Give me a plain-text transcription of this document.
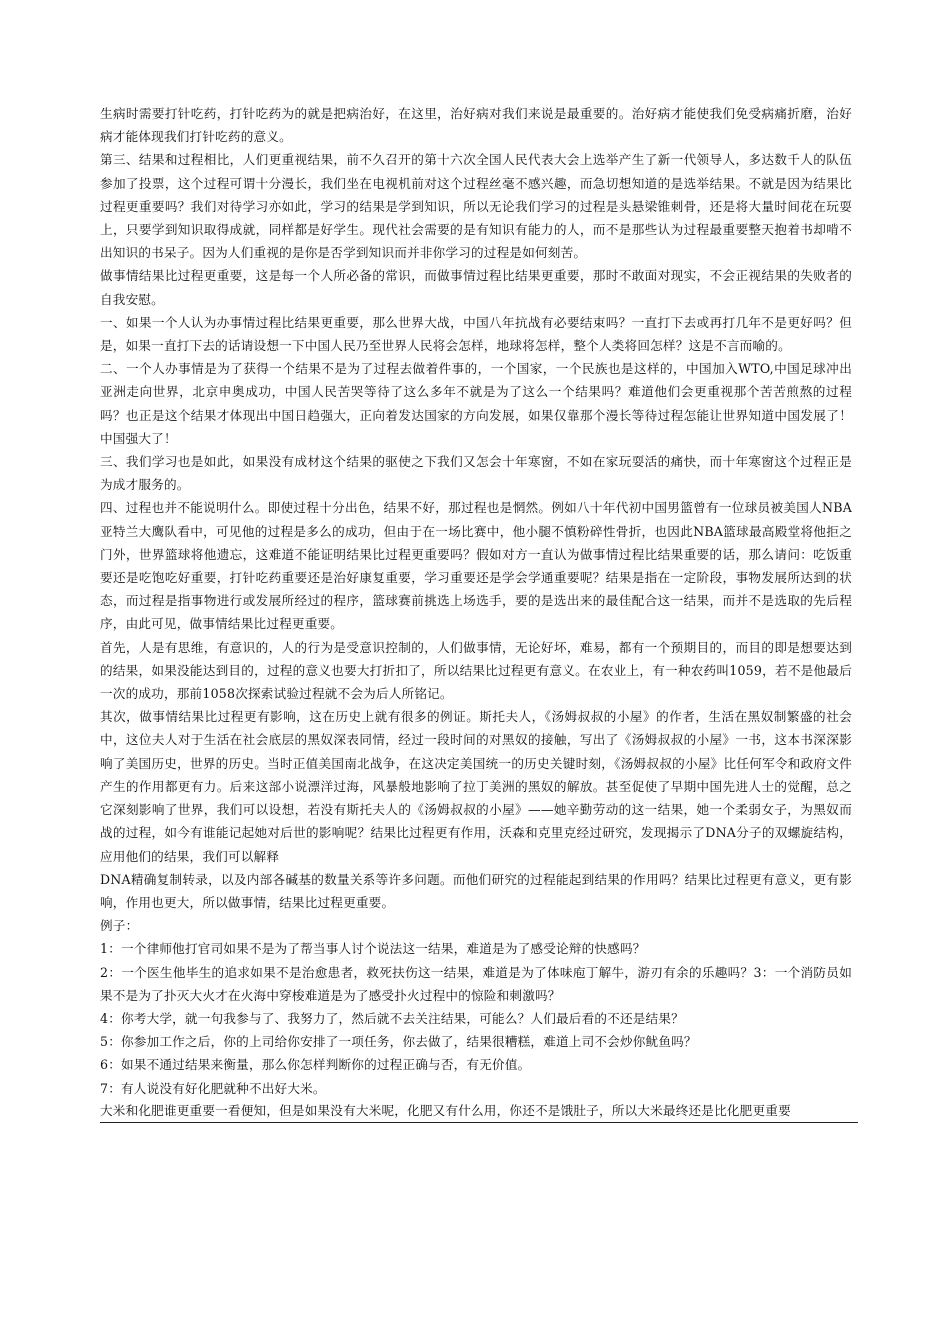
生病时需要打针吃药，打针吃药为的就是把病治好，在这里，治好病对我们来说是最重要的。治好病才能使我们免受病痛折磨，治好病才能体现我们打针吃药的意义。

第三、结果和过程相比，人们更重视结果，前不久召开的第十六次全国人民代表大会上选举产生了新一代领导人，多达数千人的队伍参加了投票，这个过程可谓十分漫长，我们坐在电视机前对这个过程丝毫不感兴趣，而急切想知道的是选举结果。不就是因为结果比过程更重要吗？我们对待学习亦如此，学习的结果是学到知识，所以无论我们学习的过程是头悬梁锥刺骨，还是将大量时间花在玩耍上，只要学到知识取得成就，同样都是好学生。现代社会需要的是有知识有能力的人，而不是那些认为过程最重要整天抱着书却啃不出知识的书呆子。因为人们重视的是你是否学到知识而并非你学习的过程是如何刻苦。

做事情结果比过程更重要，这是每一个人所必备的常识，而做事情过程比结果更重要，那时不敢面对现实，不会正视结果的失败者的自我安慰。

一、如果一个人认为办事情过程比结果更重要，那么世界大战，中国八年抗战有必要结束吗？一直打下去或再打几年不是更好吗？但是，如果一直打下去的话请设想一下中国人民乃至世界人民将会怎样，地球将怎样，整个人类将回怎样？这是不言而喻的。

二、一个人办事情是为了获得一个结果不是为了过程去做着件事的，一个国家，一个民族也是这样的，中国加入WTO,中国足球冲出亚洲走向世界，北京申奥成功，中国人民苦哭等待了这么多年不就是为了这么一个结果吗？难道他们会更重视那个苦苦煎熬的过程吗？也正是这个结果才体现出中国日趋强大，正向着发达国家的方向发展，如果仅靠那个漫长等待过程怎能让世界知道中国发展了！中国强大了！

三、我们学习也是如此，如果没有成材这个结果的驱使之下我们又怎会十年寒窗，不如在家玩耍活的痛快，而十年寒窗这个过程正是为成才服务的。

四、过程也并不能说明什么。即使过程十分出色，结果不好，那过程也是惘然。例如八十年代初中国男篮曾有一位球员被美国人NBA亚特兰大鹰队看中，可见他的过程是多么的成功，但由于在一场比赛中，他小腿不慎粉碎性骨折，也因此NBA篮球最高殿堂将他拒之门外，世界篮球将他遗忘，这难道不能证明结果比过程更重要吗？假如对方一直认为做事情过程比结果重要的话，那么请问：吃饭重要还是吃饱吃好重要，打针吃药重要还是治好康复重要，学习重要还是学会学通重要呢？结果是指在一定阶段，事物发展所达到的状态，而过程是指事物进行或发展所经过的程序，篮球赛前挑选上场选手，要的是选出来的最佳配合这一结果，而并不是选取的先后程序，由此可见，做事情结果比过程更重要。

首先，人是有思维，有意识的，人的行为是受意识控制的，人们做事情，无论好坏，难易，都有一个预期目的，而目的即是想要达到的结果，如果没能达到目的，过程的意义也要大打折扣了，所以结果比过程更有意义。在农业上，有一种农药叫1059，若不是他最后一次的成功，那前1058次探索试验过程就不会为后人所铭记。

其次，做事情结果比过程更有影响，这在历史上就有很多的例证。斯托夫人，《汤姆叔叔的小屋》的作者，生活在黑奴制繁盛的社会中，这位夫人对于生活在社会底层的黑奴深表同情，经过一段时间的对黑奴的接触，写出了《汤姆叔叔的小屋》一书，这本书深深影响了美国历史，世界的历史。当时正值美国南北战争，在这决定美国统一的历史关键时刻，《汤姆叔叔的小屋》比任何军令和政府文件产生的作用都更有力。后来这部小说漂洋过海，风暴般地影响了拉丁美洲的黑奴的解放。甚至促使了早期中国先进人士的觉醒，总之它深刻影响了世界，我们可以设想，若没有斯托夫人的《汤姆叔叔的小屋》——她辛勤劳动的这一结果，她一个柔弱女子，为黑奴而战的过程，如今有谁能记起她对后世的影响呢？结果比过程更有作用，沃森和克里克经过研究，发现揭示了DNA分子的双螺旋结构，应用他们的结果，我们可以解释

DNA精确复制转录，以及内部各碱基的数量关系等许多问题。而他们研究的过程能起到结果的作用吗？结果比过程更有意义，更有影响，作用也更大，所以做事情，结果比过程更重要。

例子：

1：一个律师他打官司如果不是为了帮当事人讨个说法这一结果，难道是为了感受论辩的快感吗？

2：一个医生他毕生的追求如果不是治愈患者，救死扶伤这一结果，难道是为了体味庖丁解牛，游刃有余的乐趣吗？3：一个消防员如果不是为了扑灭大火才在火海中穿梭难道是为了感受扑火过程中的惊险和刺激吗？

4：你考大学，就一句我参与了、我努力了，然后就不去关注结果，可能么？人们最后看的不还是结果？

5：你参加工作之后，你的上司给你安排了一项任务，你去做了，结果很糟糕，难道上司不会炒你鱿鱼吗？

6：如果不通过结果来衡量，那么你怎样判断你的过程正确与否，有无价值。

7：有人说没有好化肥就种不出好大米。

大米和化肥谁更重要一看便知，但是如果没有大米呢，化肥又有什么用，你还不是饿肚子，所以大米最终还是比化肥更重要
